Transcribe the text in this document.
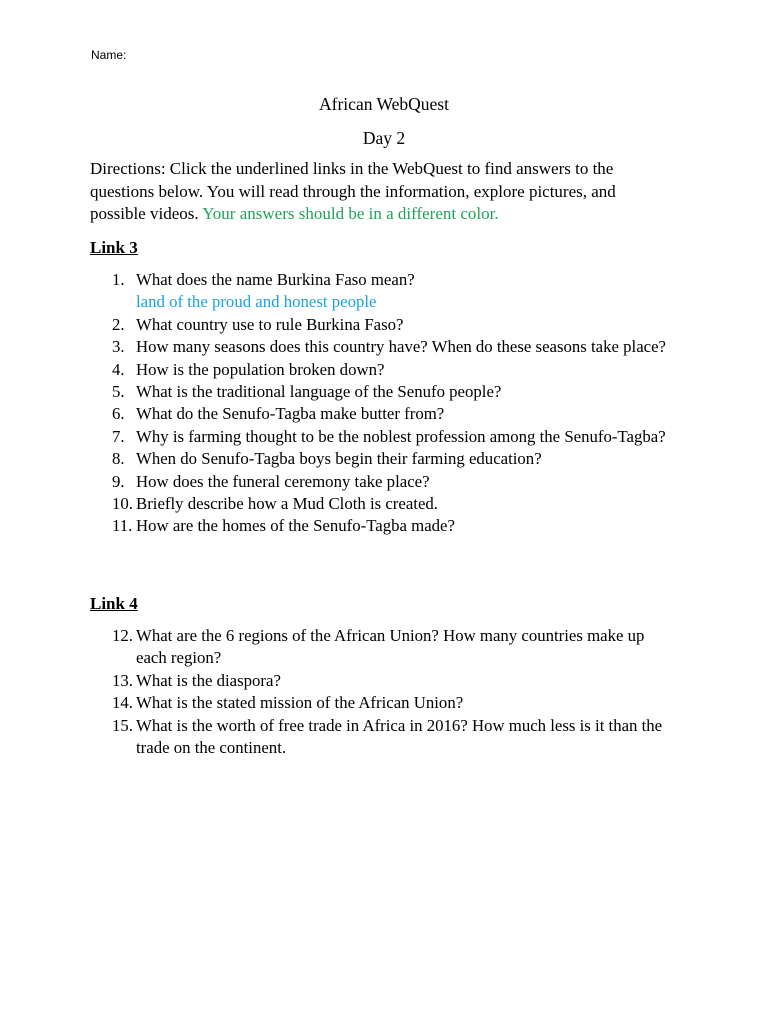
Name:
African WebQuest
Day 2
Directions: Click the underlined links in the WebQuest to find answers to the questions below. You will read through the information, explore pictures, and possible videos. Your answers should be in a different color.
Link 3
1. What does the name Burkina Faso mean?
land of the proud and honest people
2. What country use to rule Burkina Faso?
3. How many seasons does this country have? When do these seasons take place?
4. How is the population broken down?
5. What is the traditional language of the Senufo people?
6. What do the Senufo-Tagba make butter from?
7. Why is farming thought to be the noblest profession among the Senufo-Tagba?
8. When do Senufo-Tagba boys begin their farming education?
9. How does the funeral ceremony take place?
10. Briefly describe how a Mud Cloth is created.
11. How are the homes of the Senufo-Tagba made?
Link 4
12. What are the 6 regions of the African Union? How many countries make up each region?
13. What is the diaspora?
14. What is the stated mission of the African Union?
15. What is the worth of free trade in Africa in 2016? How much less is it than the trade on the continent.
